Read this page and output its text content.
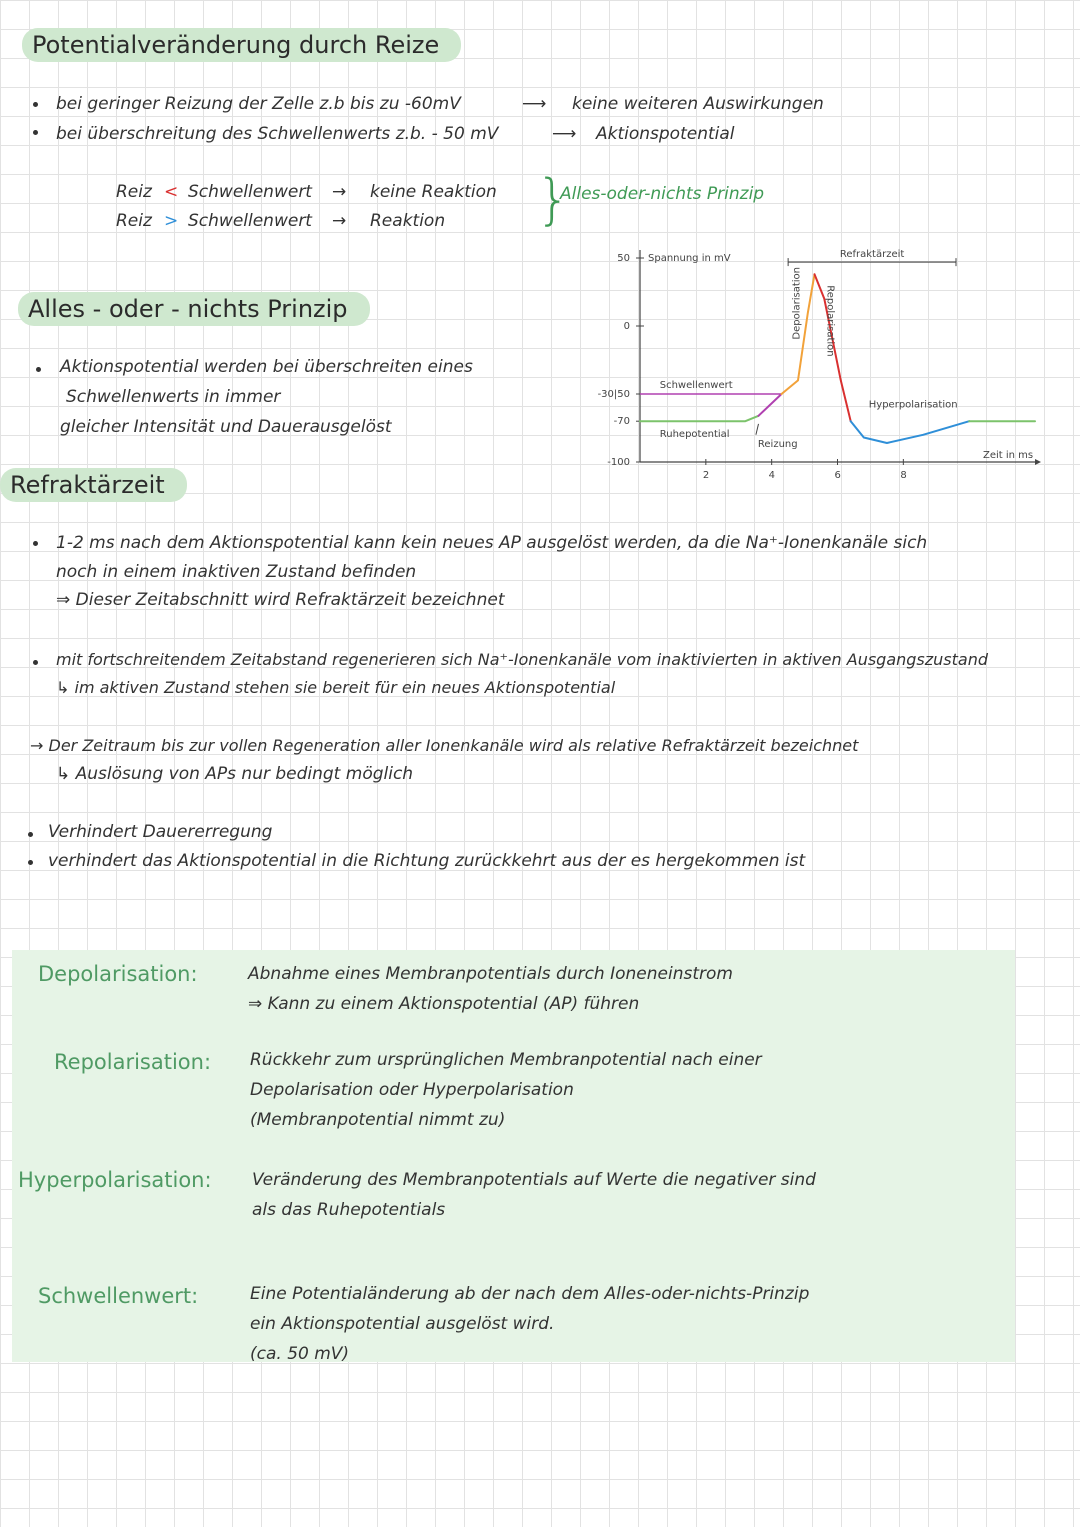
Potentialveränderung durch Reize
bei geringer Reizung der Zelle z.b bis zu -60mV	⟶ keine weiteren Auswirkungen
bei überschreitung des Schwellenwerts z.b. - 50 mV	⟶ Aktionspotential
Reiz < Schwellenwert → keine Reaktion
Reiz > Schwellenwert → Reaktion }
Alles-oder-nichts Prinzip
Alles - oder - nichts Prinzip
Aktionspotential werden bei überschreiten eines
Schwellenwerts in immer
gleicher Intensität und Dauerausgelöst
Spannung in mV
Zeit in ms
50
0
-30|50
-70
-100
2	4	6	8
Schwellenwert
Ruhepotential
Reizung
Refraktärzeit
Depolarisation Repolarisation
Hyperpolarisation
Refraktärzeit
1-2 ms nach dem Aktionspotential kann kein neues AP ausgelöst werden, da die Na⁺-Ionenkanäle sich
noch in einem inaktiven Zustand befinden
⇒ Dieser Zeitabschnitt wird Refraktärzeit bezeichnet
mit fortschreitendem Zeitabstand regenerieren sich Na⁺-Ionenkanäle vom inaktivierten in aktiven Ausgangszustand
↳ im aktiven Zustand stehen sie bereit für ein neues Aktionspotential
→ Der Zeitraum bis zur vollen Regeneration aller Ionenkanäle wird als relative Refraktärzeit bezeichnet
↳ Auslösung von APs nur bedingt möglich
Verhindert Dauererregung
verhindert das Aktionspotential in die Richtung zurückkehrt aus der es hergekommen ist
Depolarisation:	Abnahme eines Membranpotentials durch Ioneneinstrom
⇒ Kann zu einem Aktionspotential (AP) führen
Repolarisation: Rückkehr zum ursprünglichen Membranpotential nach einer
Depolarisation oder Hyperpolarisation
(Membranpotential nimmt zu)
Hyperpolarisation: Veränderung des Membranpotentials auf Werte die negativer sind
als das Ruhepotentials
Schwellenwert:	Eine Potentialänderung ab der nach dem Alles-oder-nichts-Prinzip
ein Aktionspotential ausgelöst wird.
(ca. 50 mV)
